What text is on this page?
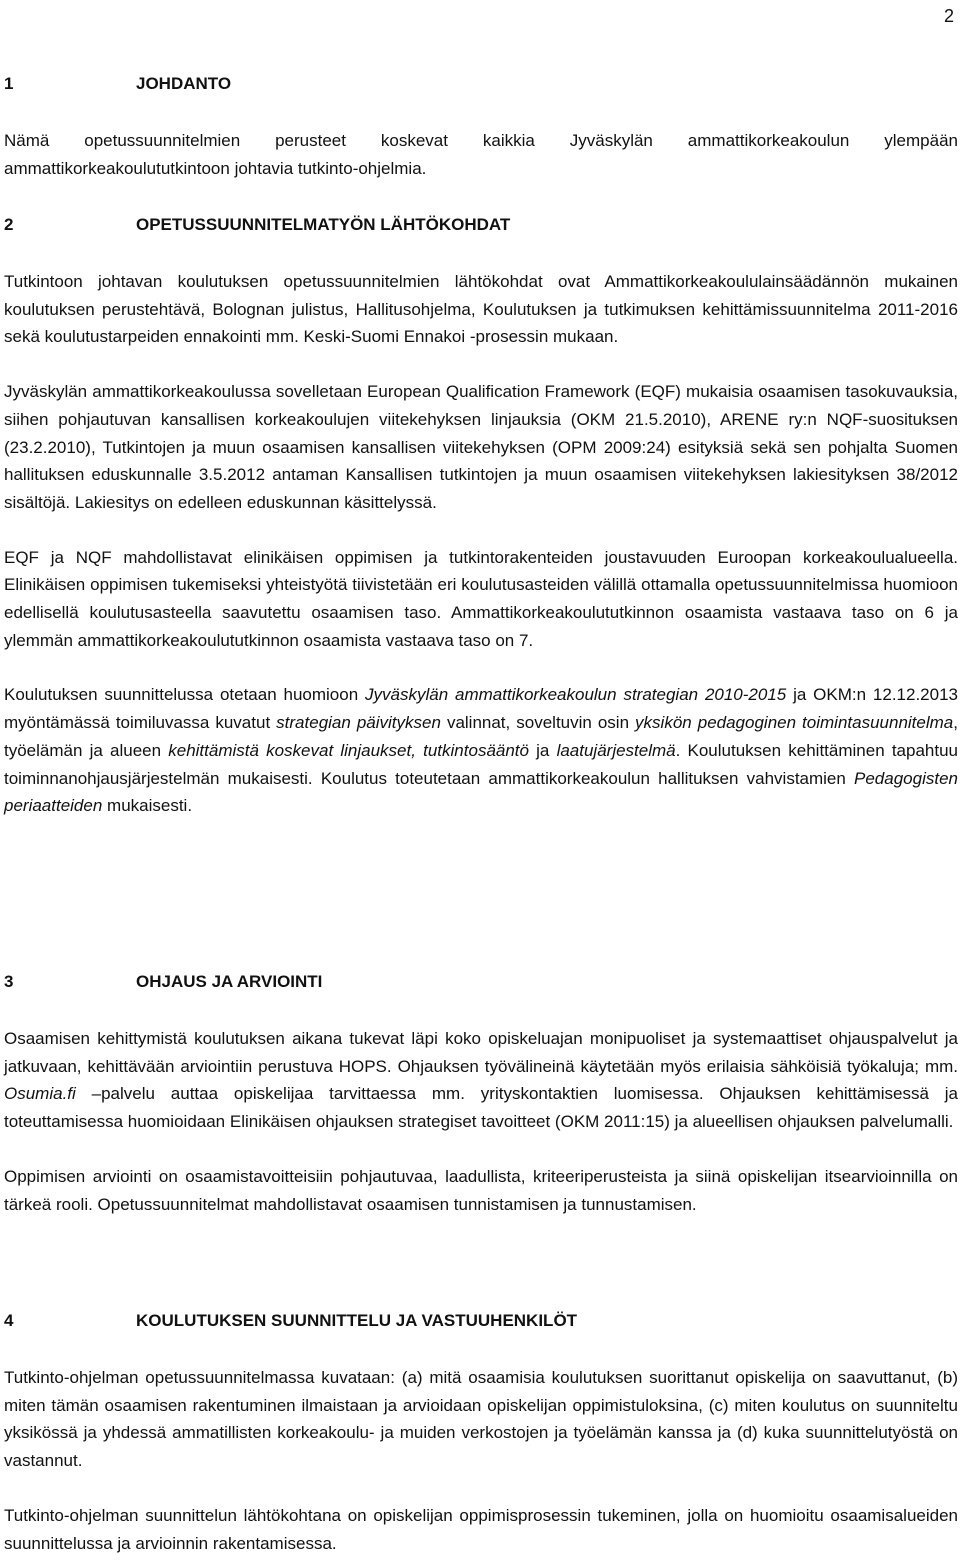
2
1	JOHDANTO

Nämä opetussuunnitelmien perusteet koskevat kaikkia Jyväskylän ammattikorkeakoulun ylempään ammattikorkeakoulututkintoon johtavia tutkinto-ohjelmia.

2	OPETUSSUUNNITELMATYÖN LÄHTÖKOHDAT

Tutkintoon johtavan koulutuksen opetussuunnitelmien lähtökohdat ovat Ammattikorkeakoululainsäädännön mukainen koulutuksen perustehtävä, Bolognan julistus, Hallitusohjelma, Koulutuksen ja tutkimuksen kehittämissuunnitelma 2011-2016 sekä koulutustarpeiden ennakointi mm. Keski-Suomi Ennakoi -prosessin mukaan.

Jyväskylän ammattikorkeakoulussa sovelletaan European Qualification Framework (EQF) mukaisia osaamisen tasokuvauksia, siihen pohjautuvan kansallisen korkeakoulujen viitekehyksen linjauksia (OKM 21.5.2010), ARENE ry:n NQF-suosituksen (23.2.2010), Tutkintojen ja muun osaamisen kansallisen viitekehyksen (OPM 2009:24) esityksiä sekä sen pohjalta Suomen hallituksen eduskunnalle 3.5.2012 antaman Kansallisen tutkintojen ja muun osaamisen viitekehyksen lakiesityksen 38/2012 sisältöjä. Lakiesitys on edelleen eduskunnan käsittelyssä.

EQF ja NQF mahdollistavat elinikäisen oppimisen ja tutkintorakenteiden joustavuuden Euroopan korkeakoulualueella. Elinikäisen oppimisen tukemiseksi yhteistyötä tiivistetään eri koulutusasteiden välillä ottamalla opetussuunnitelmissa huomioon edellisellä koulutusasteella saavutettu osaamisen taso. Ammattikorkeakoulututkinnon osaamista vastaava taso on 6 ja ylemmän ammattikorkeakoulututkinnon osaamista vastaava taso on 7.

Koulutuksen suunnittelussa otetaan huomioon Jyväskylän ammattikorkeakoulun strategian 2010-2015 ja OKM:n 12.12.2013 myöntämässä toimiluvassa kuvatut strategian päivityksen valinnat, soveltuvin osin yksikön pedagoginen toimintasuunnitelma, työelämän ja alueen kehittämistä koskevat linjaukset, tutkintosääntö ja laatujärjestelmä. Koulutuksen kehittäminen tapahtuu toiminnanohjausjärjestelmän mukaisesti. Koulutus toteutetaan ammattikorkeakoulun hallituksen vahvistamien Pedagogisten periaatteiden mukaisesti.

3	OHJAUS JA ARVIOINTI

Osaamisen kehittymistä koulutuksen aikana tukevat läpi koko opiskeluajan monipuoliset ja systemaattiset ohjauspalvelut ja jatkuvaan, kehittävään arviointiin perustuva HOPS. Ohjauksen työvälineinä käytetään myös erilaisia sähköisiä työkaluja; mm. Osumia.fi –palvelu auttaa opiskelijaa tarvittaessa mm. yrityskontaktien luomisessa. Ohjauksen kehittämisessä ja toteuttamisessa huomioidaan Elinikäisen ohjauksen strategiset tavoitteet (OKM 2011:15) ja alueellisen ohjauksen palvelumalli.

Oppimisen arviointi on osaamistavoitteisiin pohjautuvaa, laadullista, kriteeriperusteista ja siinä opiskelijan itsearvioinnilla on tärkeä rooli. Opetussuunnitelmat mahdollistavat osaamisen tunnistamisen ja tunnustamisen.

4	KOULUTUKSEN SUUNNITTELU JA VASTUUHENKILÖT

Tutkinto-ohjelman opetussuunnitelmassa kuvataan: (a) mitä osaamisia koulutuksen suorittanut opiskelija on saavuttanut, (b) miten tämän osaamisen rakentuminen ilmaistaan ja arvioidaan opiskelijan oppimistuloksina, (c) miten koulutus on suunniteltu yksikössä ja yhdessä ammatillisten korkeakoulu- ja muiden verkostojen ja työelämän kanssa ja (d) kuka suunnittelutyöstä on vastannut.

Tutkinto-ohjelman suunnittelun lähtökohtana on opiskelijan oppimisprosessin tukeminen, jolla on huomioitu osaamisalueiden suunnittelussa ja arvioinnin rakentamisessa.
